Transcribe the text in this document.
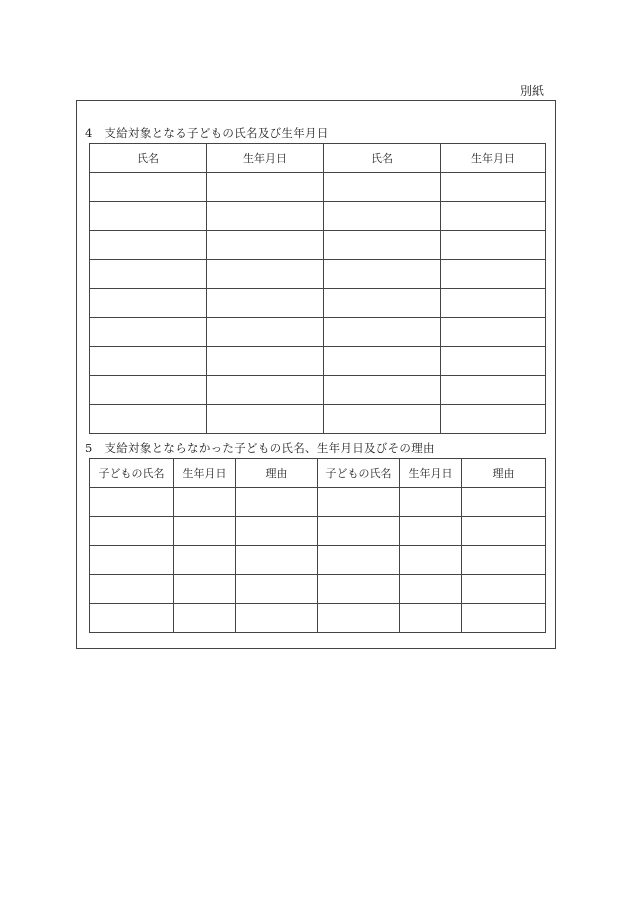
別紙
4　支給対象となる子どもの氏名及び生年月日
氏名	生年月日	氏名	生年月日

5　支給対象とならなかった子どもの氏名、生年月日及びその理由
子どもの氏名	生年月日	理由	子どもの氏名	生年月日	理由
